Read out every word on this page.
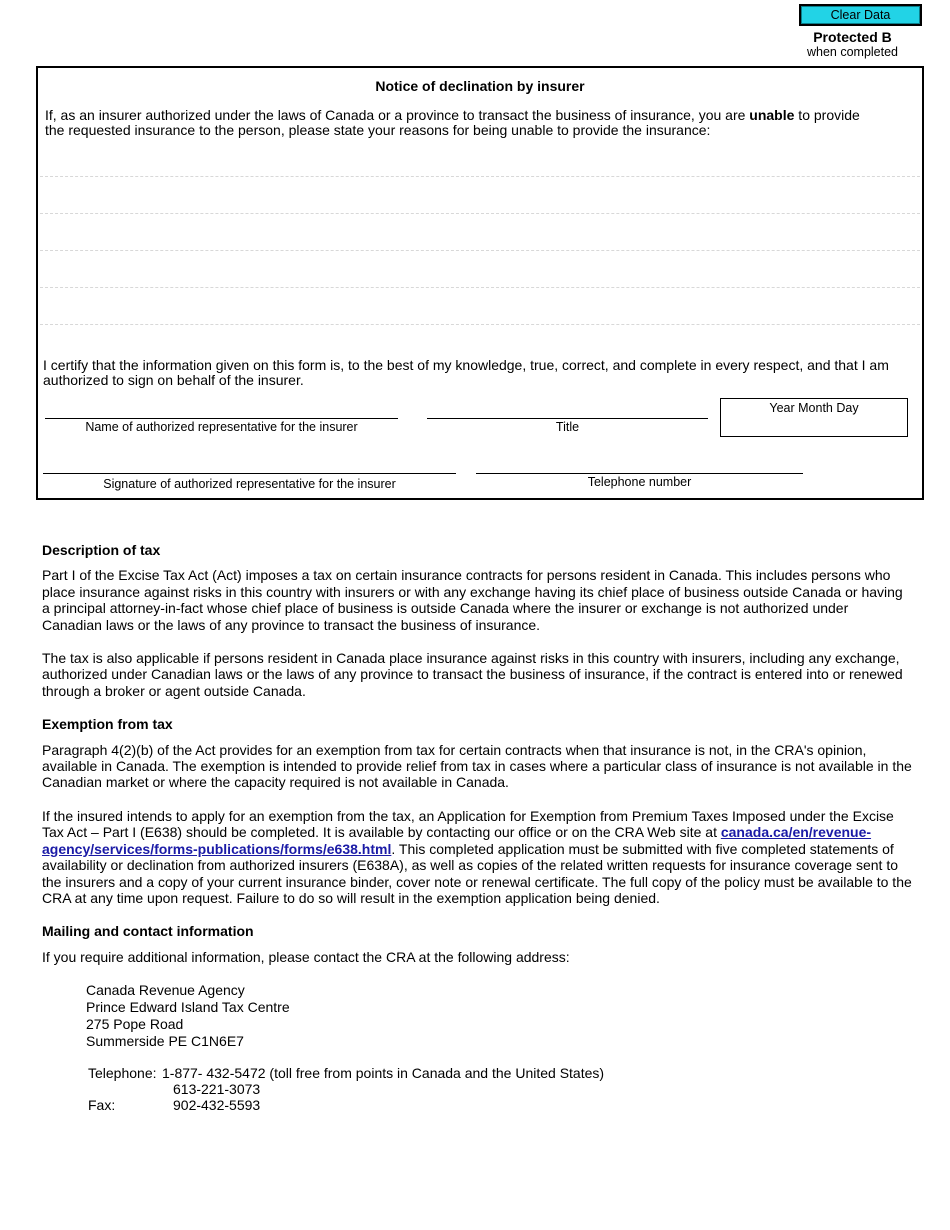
Clear Data
Protected B
when completed
Notice of declination by insurer
If, as an insurer authorized under the laws of Canada or a province to transact the business of insurance, you are unable to provide the requested insurance to the person, please state your reasons for being unable to provide the insurance:
I certify that the information given on this form is, to the best of my knowledge, true, correct, and complete in every respect, and that I am authorized to sign on behalf of the insurer.
Name of authorized representative for the insurer	Title
Year Month Day
Signature of authorized representative for the insurer	Telephone number
Description of tax

Part I of the Excise Tax Act (Act) imposes a tax on certain insurance contracts for persons resident in Canada. This includes persons who place insurance against risks in this country with insurers or with any exchange having its chief place of business outside Canada or having a principal attorney-in-fact whose chief place of business is outside Canada where the insurer or exchange is not authorized under Canadian laws or the laws of any province to transact the business of insurance.

The tax is also applicable if persons resident in Canada place insurance against risks in this country with insurers, including any exchange, authorized under Canadian laws or the laws of any province to transact the business of insurance, if the contract is entered into or renewed through a broker or agent outside Canada.

Exemption from tax

Paragraph 4(2)(b) of the Act provides for an exemption from tax for certain contracts when that insurance is not, in the CRA's opinion, available in Canada. The exemption is intended to provide relief from tax in cases where a particular class of insurance is not available in the Canadian market or where the capacity required is not available in Canada.

If the insured intends to apply for an exemption from the tax, an Application for Exemption from Premium Taxes Imposed under the Excise Tax Act – Part I (E638) should be completed. It is available by contacting our office or on the CRA Web site at canada.ca/en/revenue-agency/services/forms-publications/forms/e638.html. This completed application must be submitted with five completed statements of availability or declination from authorized insurers (E638A), as well as copies of the related written requests for insurance coverage sent to the insurers and a copy of your current insurance binder, cover note or renewal certificate. The full copy of the policy must be available to the CRA at any time upon request. Failure to do so will result in the exemption application being denied.

Mailing and contact information

If you require additional information, please contact the CRA at the following address:

Canada Revenue Agency
Prince Edward Island Tax Centre
275 Pope Road
Summerside PE C1N6E7
Telephone: 1-877- 432-5472 (toll free from points in Canada and the United States)
613-221-3073
Fax:	902-432-5593
